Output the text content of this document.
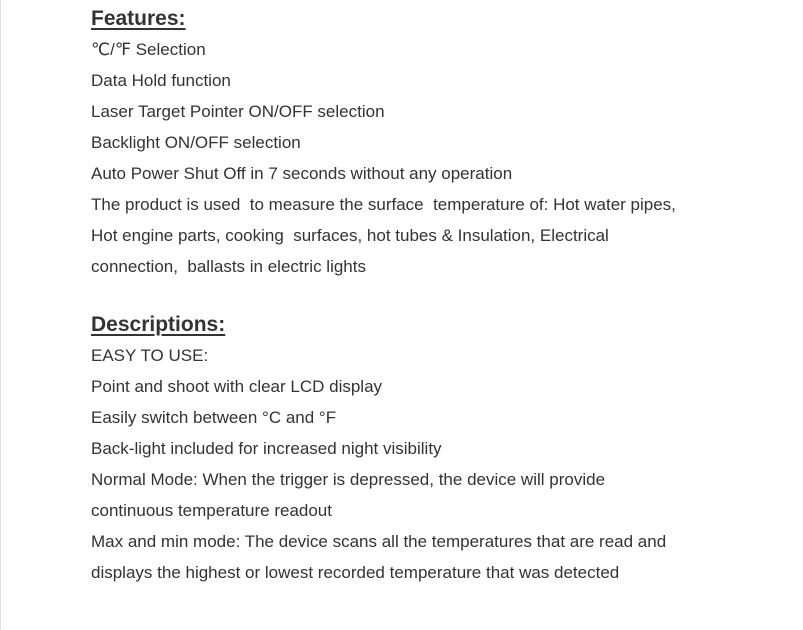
Features:
℃/℉ Selection
Data Hold function
Laser Target Pointer ON/OFF selection
Backlight ON/OFF selection
Auto Power Shut Off in 7 seconds without any operation
The product is used  to measure the surface  temperature of: Hot water pipes,
Hot engine parts, cooking  surfaces, hot tubes & Insulation, Electrical
connection,  ballasts in electric lights
Descriptions:
EASY TO USE:
Point and shoot with clear LCD display
Easily switch between °C and °F
Back-light included for increased night visibility
Normal Mode: When the trigger is depressed, the device will provide
continuous temperature readout
Max and min mode: The device scans all the temperatures that are read and
displays the highest or lowest recorded temperature that was detected
